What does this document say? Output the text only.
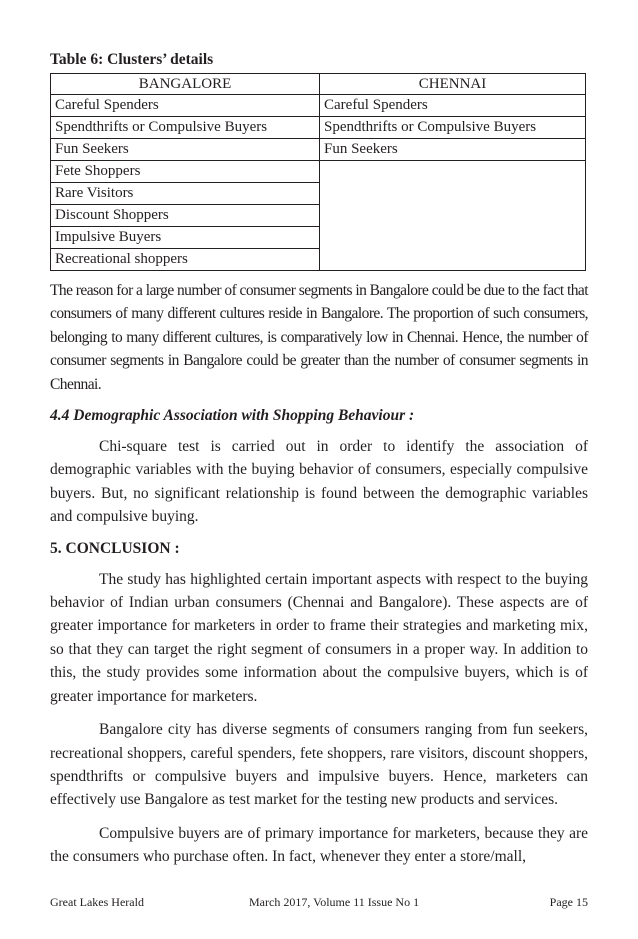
Table 6: Clusters’ details
BANGALORE	CHENNAI
Careful Spenders	Careful Spenders
Spendthrifts or Compulsive Buyers	Spendthrifts or Compulsive Buyers
Fun Seekers	Fun Seekers
Fete Shoppers	
Rare Visitors	
Discount Shoppers	
Impulsive Buyers	
Recreational shoppers	

The reason for a large number of consumer segments in Bangalore could be due to the fact that consumers of many different cultures reside in Bangalore. The proportion of such consumers, belonging to many different cultures, is comparatively low in Chennai. Hence, the number of consumer segments in Bangalore could be greater than the number of consumer segments in Chennai.

4.4 Demographic Association with Shopping Behaviour :

Chi-square test is carried out in order to identify the association of demographic variables with the buying behavior of consumers, especially compulsive buyers. But, no significant relationship is found between the demographic variables and compulsive buying.

5. CONCLUSION :

The study has highlighted certain important aspects with respect to the buying behavior of Indian urban consumers (Chennai and Bangalore). These aspects are of greater importance for marketers in order to frame their strategies and marketing mix, so that they can target the right segment of consumers in a proper way. In addition to this, the study provides some information about the compulsive buyers, which is of greater importance for marketers.

Bangalore city has diverse segments of consumers ranging from fun seekers, recreational shoppers, careful spenders, fete shoppers, rare visitors, discount shoppers, spendthrifts or compulsive buyers and impulsive buyers. Hence, marketers can effectively use Bangalore as test market for the testing new products and services.

Compulsive buyers are of primary importance for marketers, because they are the consumers who purchase often. In fact, whenever they enter a store/mall,

Great Lakes Herald	March 2017, Volume 11 Issue No 1	Page 15
